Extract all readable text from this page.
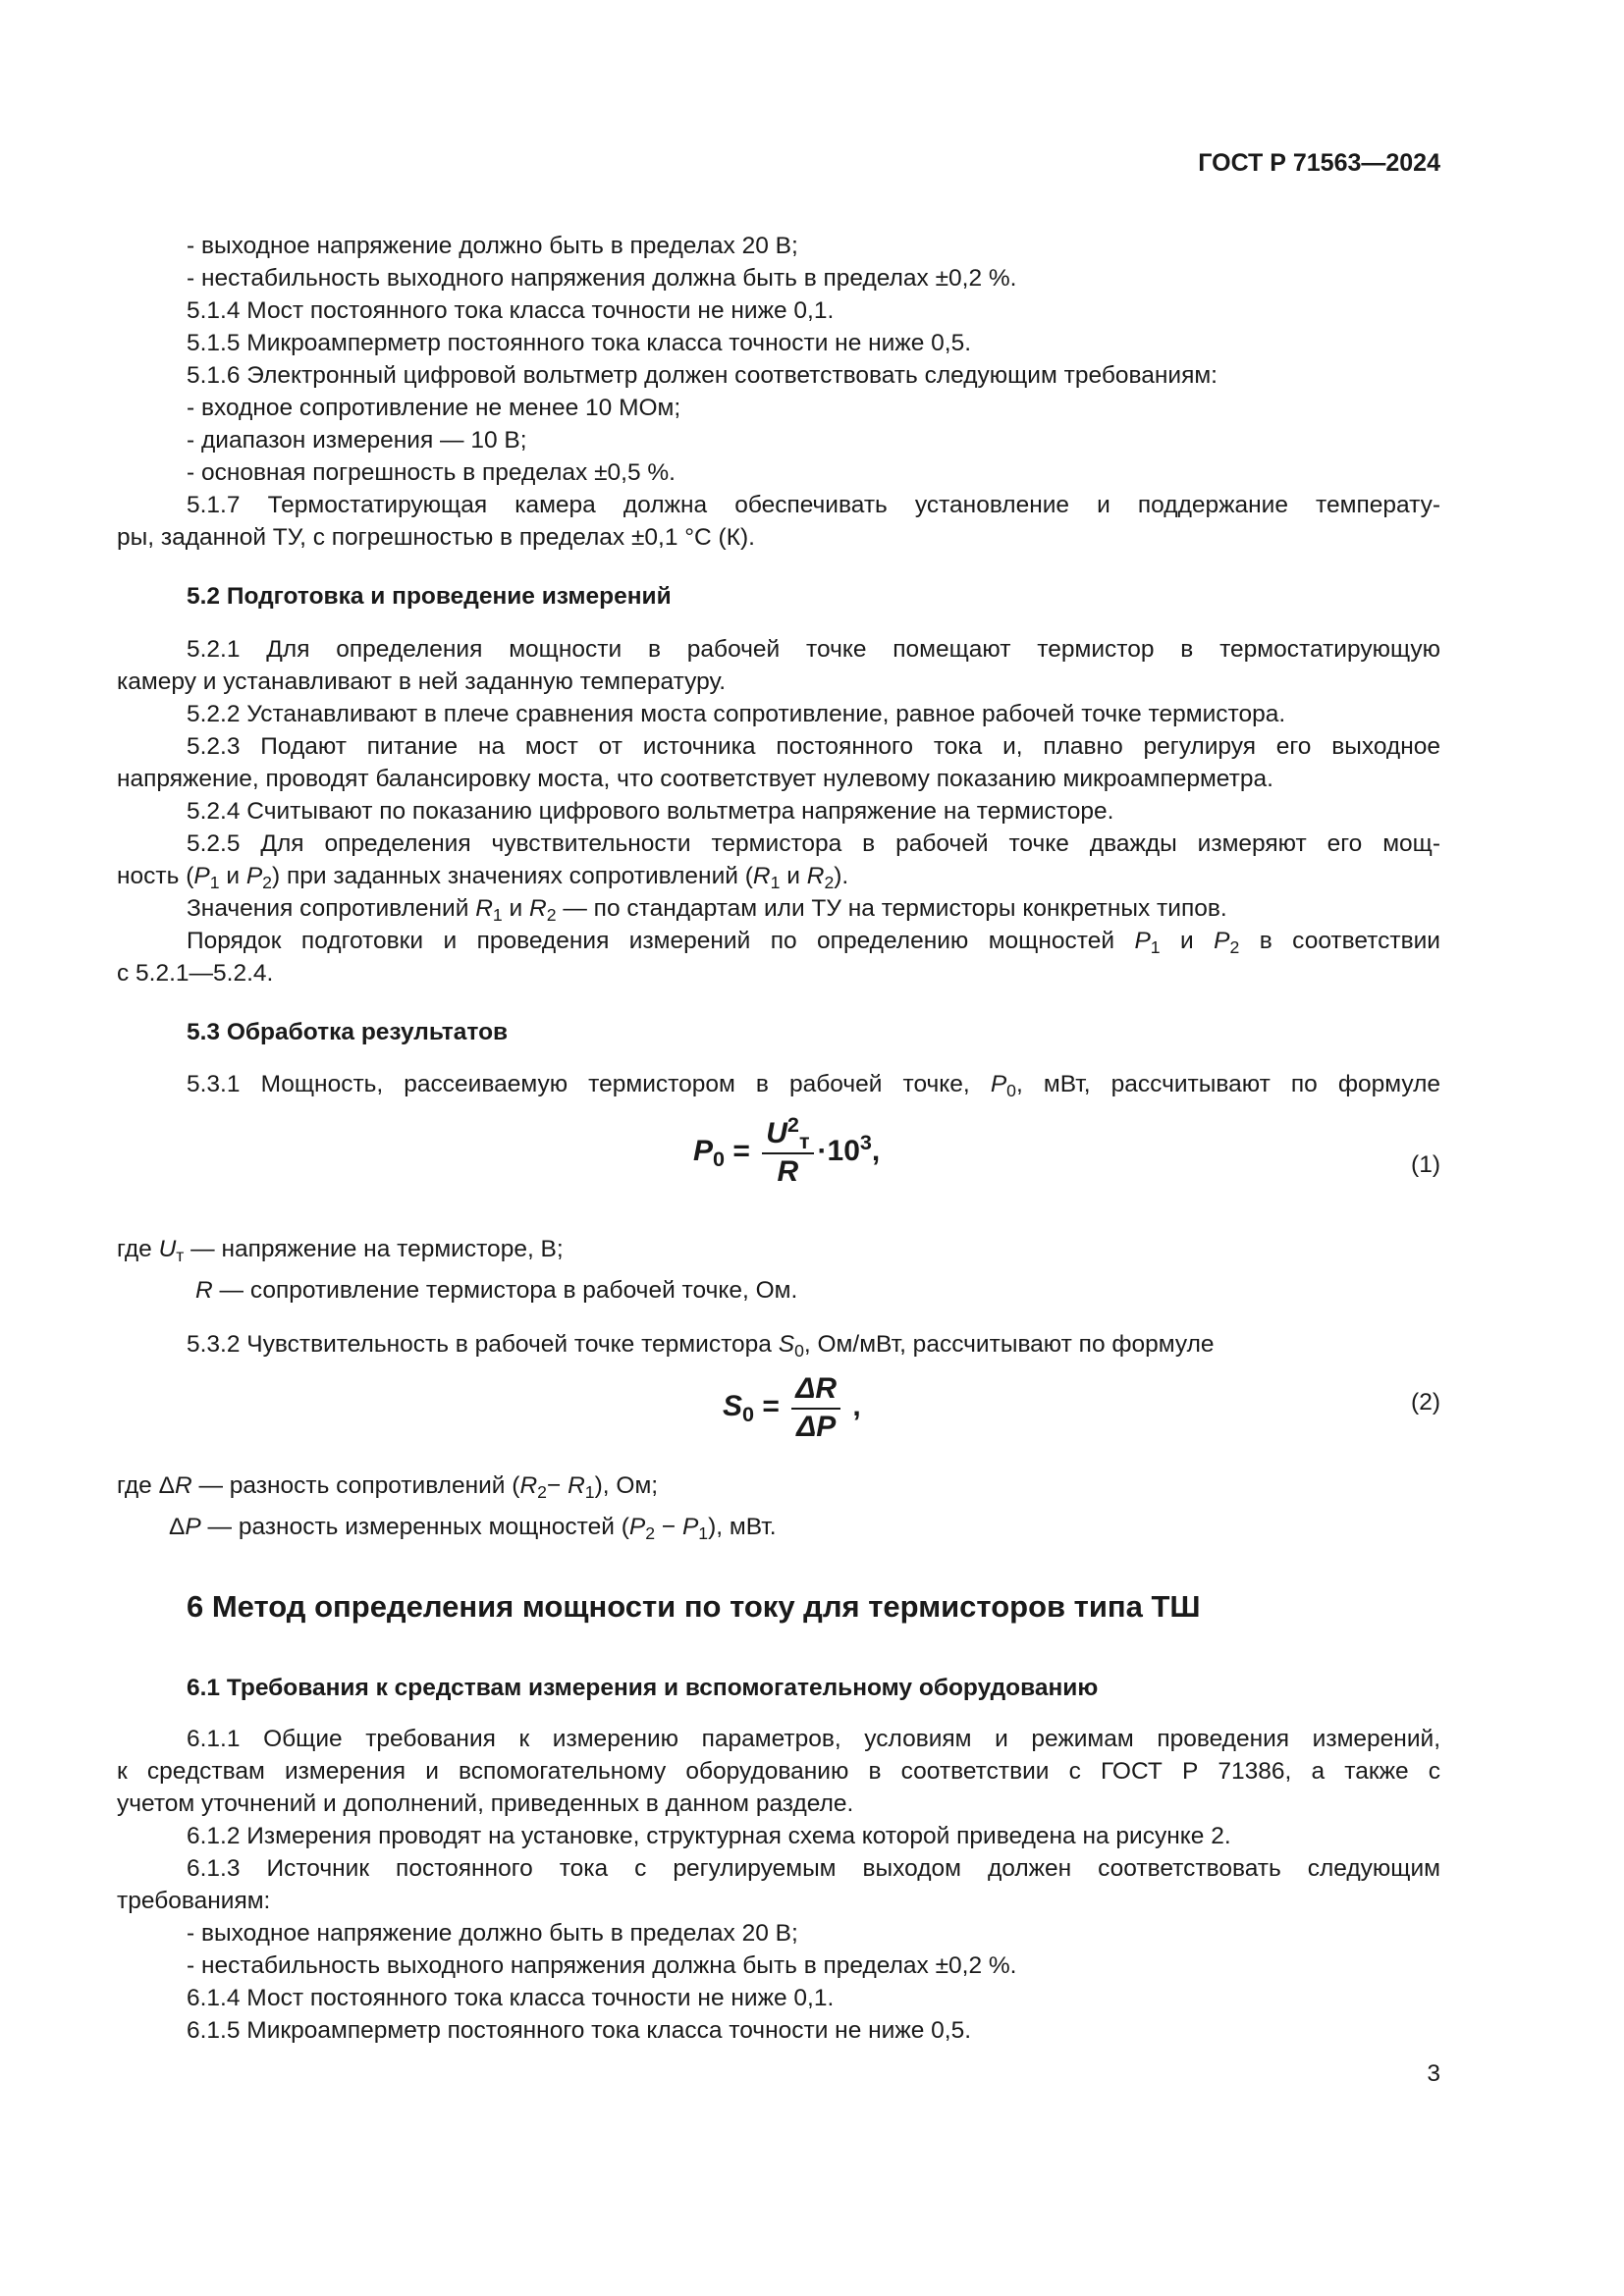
ГОСТ Р 71563—2024
- выходное напряжение должно быть в пределах 20 В;
- нестабильность выходного напряжения должна быть в пределах ±0,2 %.
5.1.4 Мост постоянного тока класса точности не ниже 0,1.
5.1.5 Микроамперметр постоянного тока класса точности не ниже 0,5.
5.1.6 Электронный цифровой вольтметр должен соответствовать следующим требованиям:
- входное сопротивление не менее 10 МОм;
- диапазон измерения — 10 В;
- основная погрешность в пределах ±0,5 %.
5.1.7 Термостатирующая камера должна обеспечивать установление и поддержание температу-
ры, заданной ТУ, с погрешностью в пределах ±0,1 °С (К).
5.2 Подготовка и проведение измерений
5.2.1 Для определения мощности в рабочей точке помещают термистор в термостатирующую
камеру и устанавливают в ней заданную температуру.
5.2.2 Устанавливают в плече сравнения моста сопротивление, равное рабочей точке термистора.
5.2.3 Подают питание на мост от источника постоянного тока и, плавно регулируя его выходное
напряжение, проводят балансировку моста, что соответствует нулевому показанию микроамперметра.
5.2.4 Считывают по показанию цифрового вольтметра напряжение на термисторе.
5.2.5 Для определения чувствительности термистора в рабочей точке дважды измеряют его мощ-
ность ($P_1$ и $P_2$) при заданных значениях сопротивлений ($R_1$ и $R_2$).
Значения сопротивлений $R_1$ и $R_2$ — по стандартам или ТУ на термисторы конкретных типов.
Порядок подготовки и проведения измерений по определению мощностей $P_1$ и $P_2$ в соответствии
с 5.2.1—5.2.4.
5.3 Обработка результатов
5.3.1 Мощность, рассеиваемую термистором в рабочей точке, $P_0$, мВт, рассчитывают по формуле
$P_0 = \frac{U^2_т}{R} \cdot 10^3$,	(1)
где $U_т$ — напряжение на термисторе, В;
R — сопротивление термистора в рабочей точке, Ом.
5.3.2 Чувствительность в рабочей точке термистора $S_0$, Ом/мВт, рассчитывают по формуле
$S_0 = \frac{\Delta R}{\Delta P}$ ,	(2)
где ΔR — разность сопротивлений $(R_2- R_1)$, Ом;
ΔP — разность измеренных мощностей $(P_2 - P_1)$, мВт.
6 Метод определения мощности по току для термисторов типа ТШ
6.1 Требования к средствам измерения и вспомогательному оборудованию
6.1.1 Общие требования к измерению параметров, условиям и режимам проведения измерений,
к средствам измерения и вспомогательному оборудованию в соответствии с ГОСТ Р 71386, а также с
учетом уточнений и дополнений, приведенных в данном разделе.
6.1.2 Измерения проводят на установке, структурная схема которой приведена на рисунке 2.
6.1.3 Источник постоянного тока с регулируемым выходом должен соответствовать следующим
требованиям:
- выходное напряжение должно быть в пределах 20 В;
- нестабильность выходного напряжения должна быть в пределах ±0,2 %.
6.1.4 Мост постоянного тока класса точности не ниже 0,1.
6.1.5 Микроамперметр постоянного тока класса точности не ниже 0,5.
3
